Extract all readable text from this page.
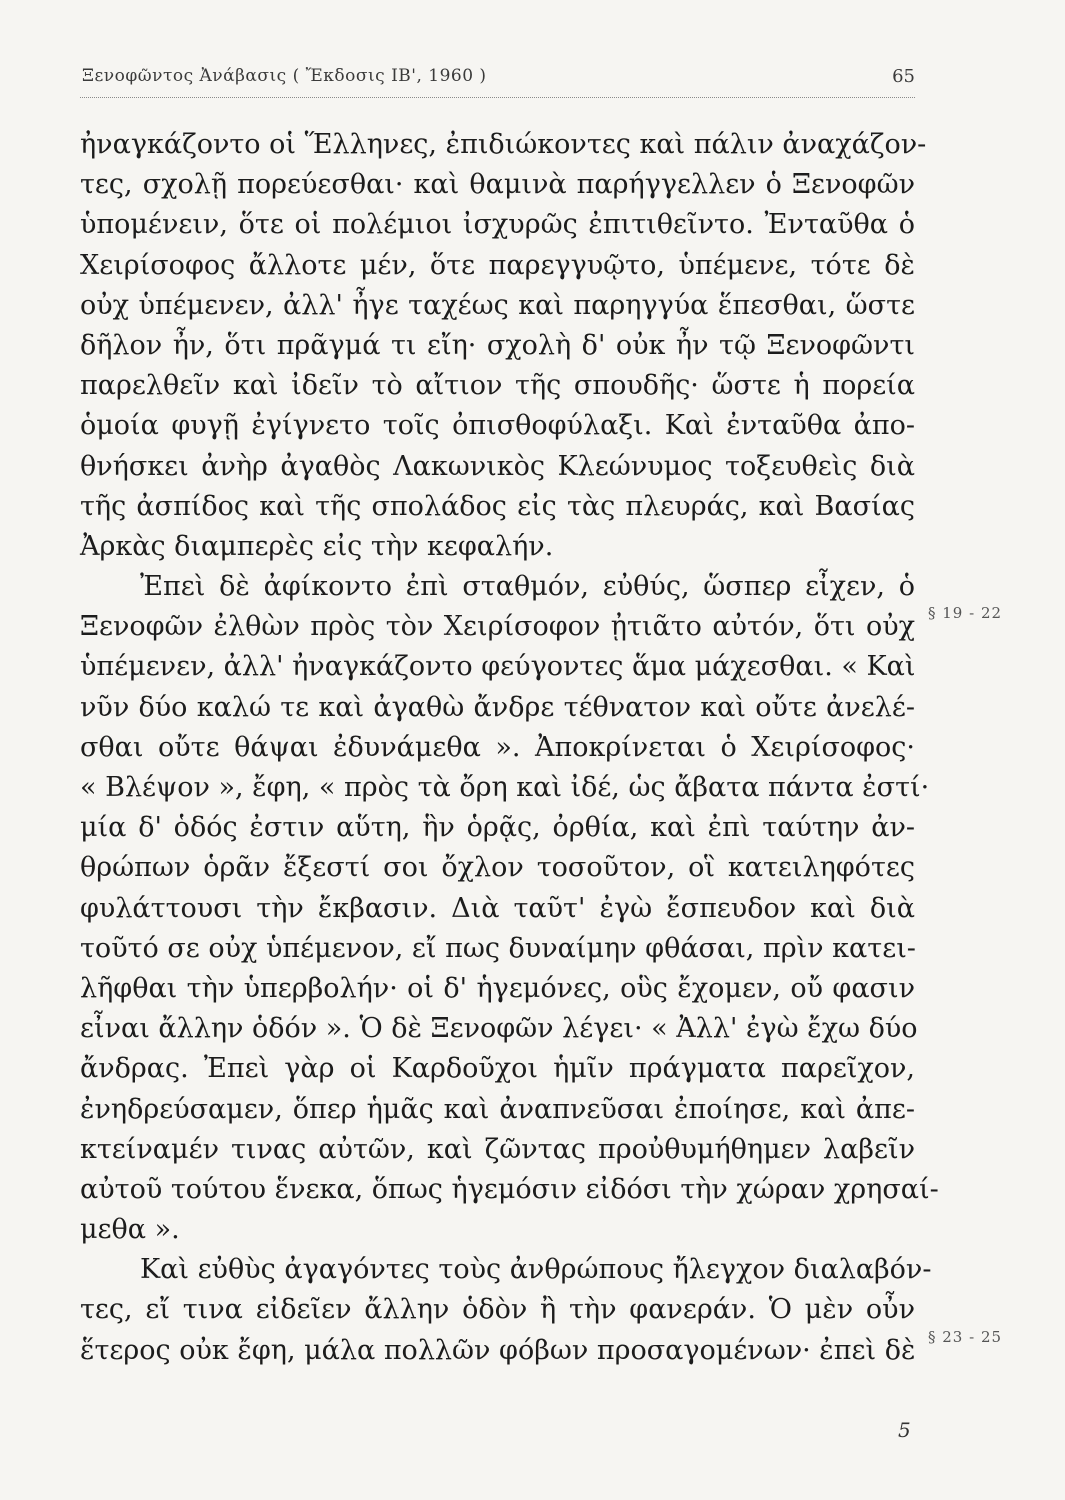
Ξενοφῶντος Ἀνάβασις ( Ἔκδοσις ΙΒ', 1960 )	65
ἠναγκάζοντο οἱ Ἕλληνες, ἐπιδιώκοντες καὶ πάλιν ἀναχάζον-
τες, σχολῇ πορεύεσθαι· καὶ θαμινὰ παρήγγελλεν ὁ Ξενοφῶν
ὑπομένειν, ὅτε οἱ πολέμιοι ἰσχυρῶς ἐπιτιθεῖντο. Ἐνταῦθα ὁ
Χειρίσοφος ἄλλοτε μέν, ὅτε παρεγγυῷτο, ὑπέμενε, τότε δὲ
οὐχ ὑπέμενεν, ἀλλ' ἦγε ταχέως καὶ παρηγγύα ἕπεσθαι, ὥστε
δῆλον ἦν, ὅτι πρᾶγμά τι εἴη· σχολὴ δ' οὐκ ἦν τῷ Ξενοφῶντι
παρελθεῖν καὶ ἰδεῖν τὸ αἴτιον τῆς σπουδῆς· ὥστε ἡ πορεία
ὁμοία φυγῇ ἐγίγνετο τοῖς ὀπισθοφύλαξι. Καὶ ἐνταῦθα ἀπο-
θνήσκει ἀνὴρ ἀγαθὸς Λακωνικὸς Κλεώνυμος τοξευθεὶς διὰ
τῆς ἀσπίδος καὶ τῆς σπολάδος εἰς τὰς πλευράς, καὶ Βασίας
Ἀρκὰς διαμπερὲς εἰς τὴν κεφαλήν.
Ἐπεὶ δὲ ἀφίκοντο ἐπὶ σταθμόν, εὐθύς, ὥσπερ εἶχεν, ὁ
Ξενοφῶν ἐλθὼν πρὸς τὸν Χειρίσοφον ᾐτιᾶτο αὐτόν, ὅτι οὐχ
ὑπέμενεν, ἀλλ' ἠναγκάζοντο φεύγοντες ἅμα μάχεσθαι. « Καὶ
νῦν δύο καλώ τε καὶ ἀγαθὼ ἄνδρε τέθνατον καὶ οὔτε ἀνελέ-
σθαι οὔτε θάψαι ἐδυνάμεθα ». Ἀποκρίνεται ὁ Χειρίσοφος·
« Βλέψον », ἔφη, « πρὸς τὰ ὄρη καὶ ἰδέ, ὡς ἄβατα πάντα ἐστί·
μία δ' ὁδός ἐστιν αὕτη, ἣν ὁρᾷς, ὀρθία, καὶ ἐπὶ ταύτην ἀν-
θρώπων ὁρᾶν ἔξεστί σοι ὄχλον τοσοῦτον, οἳ κατειληφότες
φυλάττουσι τὴν ἔκβασιν. Διὰ ταῦτ' ἐγὼ ἔσπευδον καὶ διὰ
τοῦτό σε οὐχ ὑπέμενον, εἴ πως δυναίμην φθάσαι, πρὶν κατει-
λῆφθαι τὴν ὑπερβολήν· οἱ δ' ἡγεμόνες, οὓς ἔχομεν, οὔ φασιν
εἶναι ἄλλην ὁδόν ». Ὁ δὲ Ξενοφῶν λέγει· « Ἀλλ' ἐγὼ ἔχω δύο
ἄνδρας. Ἐπεὶ γὰρ οἱ Καρδοῦχοι ἡμῖν πράγματα παρεῖχον,
ἐνηδρεύσαμεν, ὅπερ ἡμᾶς καὶ ἀναπνεῦσαι ἐποίησε, καὶ ἀπε-
κτείναμέν τινας αὐτῶν, καὶ ζῶντας προὐθυμήθημεν λαβεῖν
αὐτοῦ τούτου ἕνεκα, ὅπως ἡγεμόσιν εἰδόσι τὴν χώραν χρησαί-
μεθα ».
Καὶ εὐθὺς ἀγαγόντες τοὺς ἀνθρώπους ἤλεγχον διαλαβόν-
τες, εἴ τινα εἰδεῖεν ἄλλην ὁδὸν ἢ τὴν φανεράν. Ὁ μὲν οὖν
ἕτερος οὐκ ἔφη, μάλα πολλῶν φόβων προσαγομένων· ἐπεὶ δὲ
§ 19 - 22
§ 23 - 25
5
